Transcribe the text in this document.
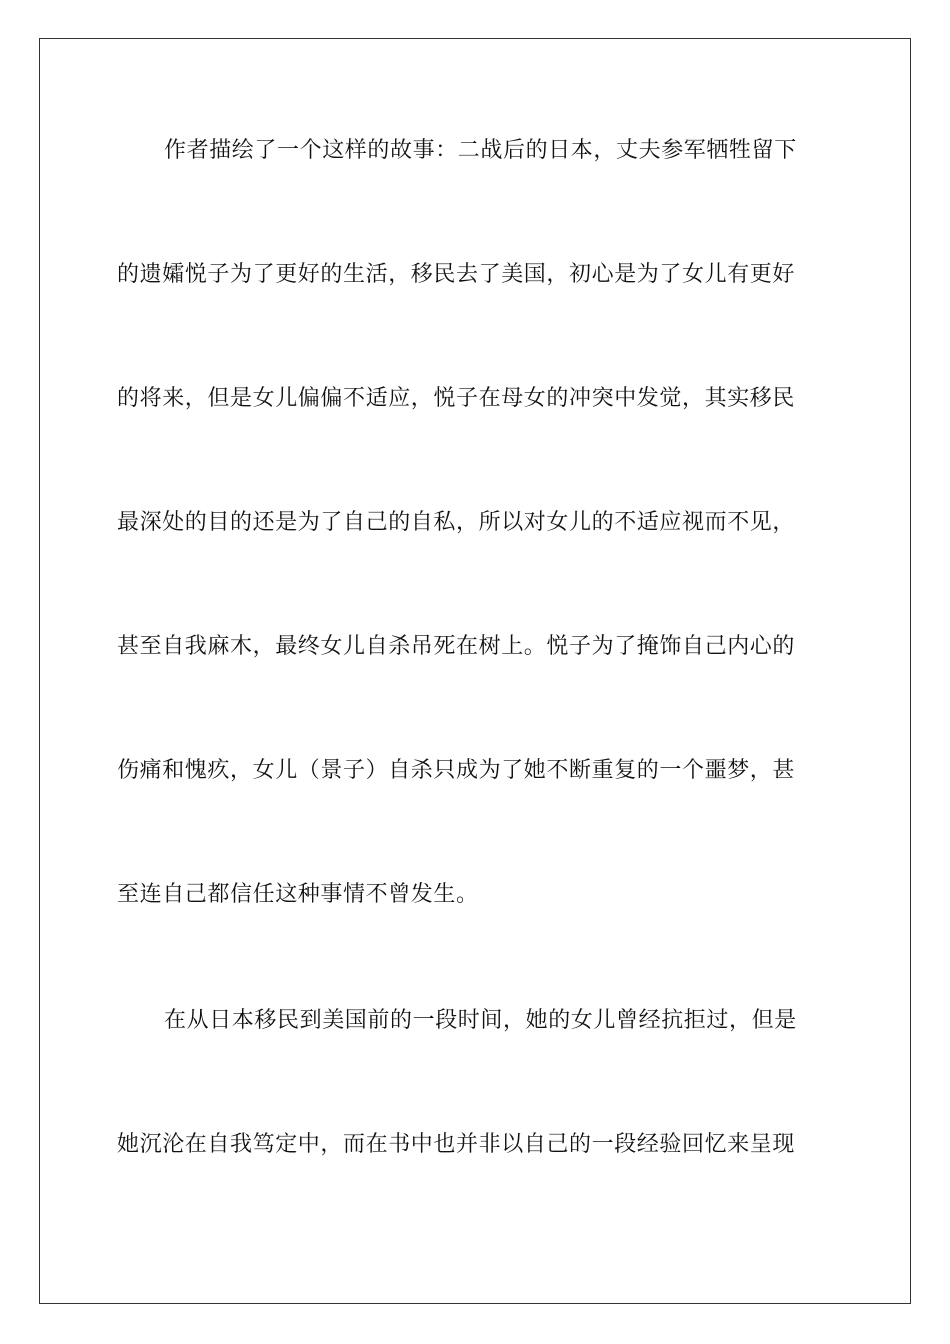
作者描绘了一个这样的故事：二战后的日本，丈夫参军牺牲留下
的遗孀悦子为了更好的生活，移民去了美国，初心是为了女儿有更好
的将来，但是女儿偏偏不适应，悦子在母女的冲突中发觉，其实移民
最深处的目的还是为了自己的自私，所以对女儿的不适应视而不见，
甚至自我麻木，最终女儿自杀吊死在树上。悦子为了掩饰自己内心的
伤痛和愧疚，女儿（景子）自杀只成为了她不断重复的一个噩梦，甚
至连自己都信任这种事情不曾发生。
在从日本移民到美国前的一段时间，她的女儿曾经抗拒过，但是
她沉沦在自我笃定中，而在书中也并非以自己的一段经验回忆来呈现
